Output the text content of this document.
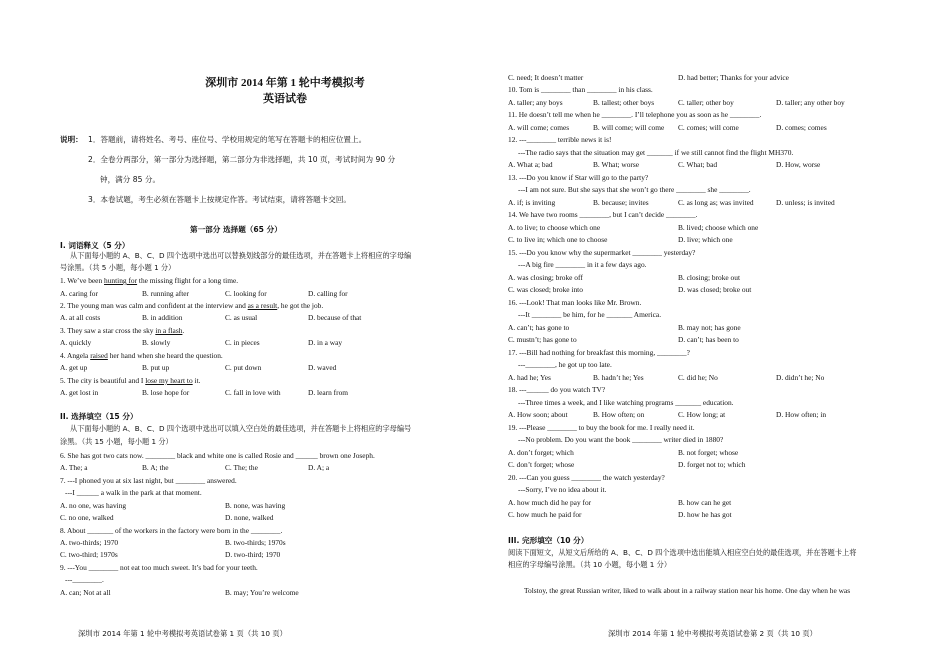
深圳市 2014 年第 1 轮中考模拟考
英语试卷
说明： 1．答题前，请将姓名、考号、座位号、学校用规定的笔写在答题卡的相应位置上。
2．全卷分两部分，第一部分为选择题，第二部分为非选择题，共 10 页，考试时间为 90 分
钟，满分 85 分。
3．本卷试题，考生必须在答题卡上按规定作答。考试结束，请将答题卡交回。
第一部分 选择题（65 分）
I. 词语释义（5 分）
从下面每小题的 A、B、C、D 四个选项中选出可以替换划线部分的最佳选项，并在答题卡上将相应的字母编
号涂黑。（共 5 小题，每小题 1 分）
1. We’ve been hunting for the missing flight for a long time.
A. caring for	B. running after	C. looking for	D. calling for
2. The young man was calm and confident at the interview and as a result, he got the job.
A. at all costs	B. in addition	C. as usual	D. because of that
3. They saw a star cross the sky in a flash.
A. quickly	B. slowly	C. in pieces	D. in a way
4. Angela raised her hand when she heard the question.
A. get up	B. put up	C. put down	D. waved
5. The city is beautiful and I lose my heart to it.
A. get lost in	B. lose hope for	C. fall in love with	D. learn from
II. 选择填空（15 分）
从下面每小题的 A、B、C、D 四个选项中选出可以填入空白处的最佳选项，并在答题卡上将相应的字母编号
涂黑。（共 15 小题，每小题 1 分）
6. She has got two cats now. ________ black and white one is called Rosie and ______ brown one Joseph.
A. The; a	B. A; the	C. The; the	D. A; a
7. ---I phoned you at six last night, but ________ answered.
---I ______ a walk in the park at that moment.
A. no one, was having	B. none, was having
C. no one, walked	D. none, walked
8. About _______ of the workers in the factory were born in the ________.
A. two-thirds; 1970	B. two-thirds; 1970s
C. two-third; 1970s	D. two-third; 1970
9. ---You ________ not eat too much sweet. It’s bad for your teeth.
---________.
A. can; Not at all	B. may; You’re welcome
深圳市 2014 年第 1 轮中考模拟考英语试卷第 1 页（共 10 页）
C. need; It doesn’t matter	D. had better; Thanks for your advice
10. Tom is ________ than ________ in his class.
A. taller; any boys	B. tallest; other boys	C. taller; other boy	D. taller; any other boy
11. He doesn’t tell me when he ________. I’ll telephone you as soon as he ________.
A. will come; comes	B. will come; will come C. comes; will come	D. comes; comes
12. ---________ terrible news it is!
---The radio says that the situation may get _______ if we still cannot find the flight MH370.
A. What a; bad	B. What; worse	C. What; bad	D. How, worse
13. ---Do you know if Star will go to the party?
---I am not sure. But she says that she won’t go there ________ she ________.
A. if; is inviting	B. because; invites	C. as long as; was invited	D. unless; is invited
14. We have two rooms ________, but I can’t decide ________.
A. to live; to choose which one	B. lived; choose which one
C. to live in; which one to choose	D. live; which one
15. ---Do you know why the supermarket ________ yesterday?
---A big fire ________ in it a few days ago.
A. was closing; broke off	B. closing; broke out
C. was closed; broke into	D. was closed; broke out
16. ---Look! That man looks like Mr. Brown.
---It ________ be him, for he _______ America.
A. can’t; has gone to	B. may not; has gone
C. mustn’t; has gone to	D. can’t; has been to
17. ---Bill had nothing for breakfast this morning, ________?
---________, he got up too late.
A. had he; Yes	B. hadn’t he; Yes	C. did he; No	D. didn’t he; No
18. ---______ do you watch TV?
---Three times a week, and I like watching programs _______ education.
A. How soon; about	B. How often; on	C. How long; at	D. How often; in
19. ---Please ________ to buy the book for me. I really need it.
---No problem. Do you want the book ________ writer died in 1880?
A. don’t forget; which	B. not forget; whose
C. don’t forget; whose	D. forget not to; which
20. ---Can you guess ________ the watch yesterday?
---Sorry, I’ve no idea about it.
A. how much did he pay for	B. how can he get
C. how much he paid for	D. how he has got
III. 完形填空（10 分）
阅读下面短文，从短文后所给的 A、B、C、D 四个选项中选出能填入相应空白处的最佳选项，并在答题卡上将
相应的字母编号涂黑。（共 10 小题，每小题 1 分）
Tolstoy, the great Russian writer, liked to walk about in a railway station near his home. One day when he was
深圳市 2014 年第 1 轮中考模拟考英语试卷第 2 页（共 10 页）
